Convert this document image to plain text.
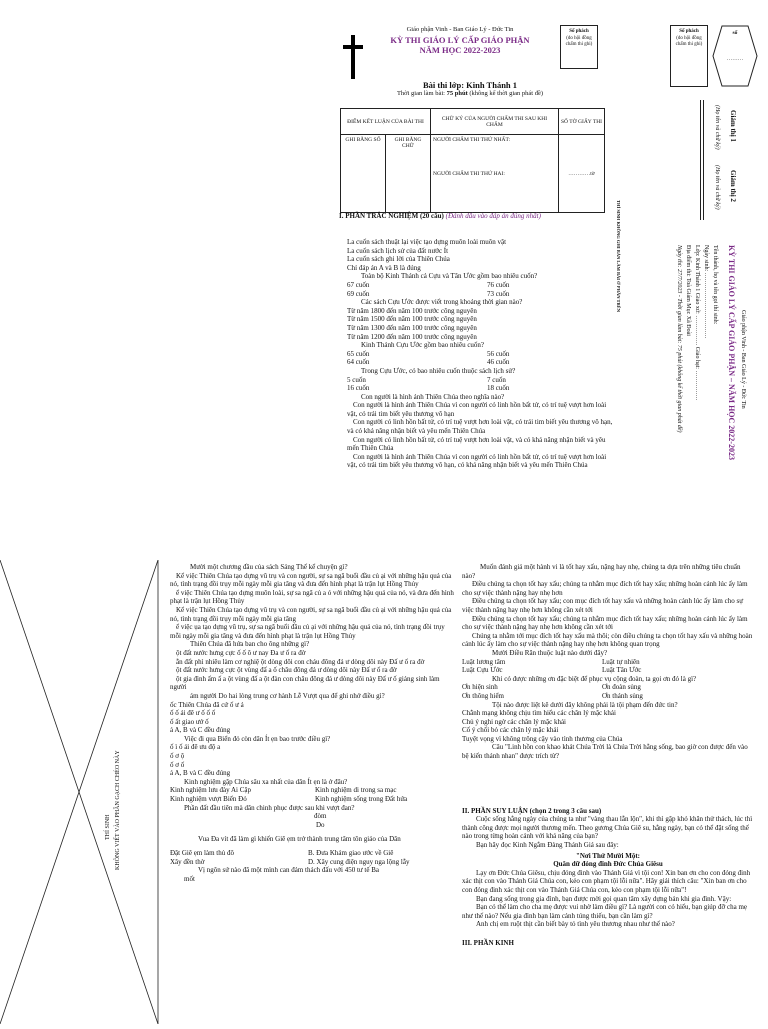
Giáo phận Vinh - Ban Giáo Lý - Đức Tin
KỲ THI GIÁO LÝ CẤP GIÁO PHẬN
NĂM HỌC 2022-2023
Số phách
(do hội đồng chấm thi ghi)
Bài thi lớp: Kinh Thánh 1
Thời gian làm bài: 75 phút (không kể thời gian phát đề)
ĐIỂM KẾT LUẬN CỦA BÀI THI		CHỮ KÝ CỦA NGƯỜI CHẤM THI SAU KHI CHẤM	SỐ TỜ GIẤY THI
GHI BẰNG SỐ	GHI BẰNG CHỮ	NGƯỜI CHẤM THI THỨ NHẤT:
NGƯỜI CHẤM THI THỨ HAI:	…………tờ
I. PHẦN TRẮC NGHIỆM (20 câu) (Đánh dấu vào đáp án đúng nhất)	THÍ SINH KHÔNG GHI BẢN LÀM BÀI Ở PHẦN TRÊN

La cuốn sách thuật lại việc tạo dựng muôn loài muôn vật

La cuốn sách lịch sử của đất nước Ít

La cuốn sách ghi lời của Thiên Chúa

Chỉ đáp án A và B là đúng

Toàn bộ Kinh Thánh cả Cựu và Tân Ước gồm bao nhiêu cuốn?

67 cuốn	76 cuốn
69 cuốn	73 cuốn

Các sách Cựu Ước được viết trong khoảng thời gian nào?

Từ năm 1800 đến năm 100 trước công nguyên

Từ năm 1500 đến năm 100 trước công nguyên

Từ năm 1300 đến năm 100 trước công nguyên

Từ năm 1200 đến năm 100 trước công nguyên

Kinh Thánh Cựu Ước gồm bao nhiêu cuốn?

65 cuốn	56 cuốn
64 cuốn	46 cuốn

Trong Cựu Ước, có bao nhiêu cuốn thuộc sách lịch sử?

5 cuốn	7 cuốn
16 cuốn	18 cuốn

Con người là hình ảnh Thiên Chúa theo nghĩa nào?

Con người là hình ảnh Thiên Chúa vì con người có linh hồn bất tử, có trí tuệ vượt hơn loài vật, có trái tim biết yêu thương vô hạn

Con người có linh hồn bất tử, có trí tuệ vượt hơn loài vật, có trái tim biết yêu thương vô hạn, và có khả năng nhận biết và yêu mến Thiên Chúa

Con người có linh hồn bất tử, có trí tuệ vượt hơn loài vật, và có khả năng nhận biết và yêu mến Thiên Chúa

Con người là hình ảnh Thiên Chúa vì con người có linh hồn bất tử, có trí tuệ vượt hơn loài vật, có trái tim biết yêu thương vô hạn, có khả năng nhận biết và yêu mến Thiên Chúa

Số phách
(do hội đồng chấm thi ghi)
số
………
Giám thị 1
(Họ tên và chữ ký)
Giám thị 2
(Họ tên và chữ ký)
Giáo phận Vinh - Ban Giáo Lý - Đức Tin
KỲ THI GIÁO LÝ CẤP GIÁO PHẬN – NĂM HỌC 2022-2023
Tên thánh, họ và tên gọi thí sinh:
Ngày sinh: ……………………………
Lớp: Kinh Thánh 1 Giáo xứ: …………… Giáo hạt: ……………
Địa điểm thi: Toà Giám Mục Xã Đoài
Ngày thi: 27/7/2023 - Thời gian làm bài: 75 phút (không kể thời gian phát đề)
THÍ SINH KHÔNG VIẾT VÀO PHẦN GẠCH CHÉO NÀY

Mười một chương đầu của sách Sáng Thế kể chuyện gì?

Kể việc Thiên Chúa tạo dựng vũ trụ và con người, sự sa ngã buổi đầu củ ại với những hậu quả của nó, tình trạng đồi trụy mỗi ngày mỗi gia tăng và đưa đến hình phạt là trận lụt Hồng Thủy

ể việc Thiên Chúa tạo dựng muôn loài, sự sa ngã củ a ó với những hậu quả của nó, và đưa đến hình phạt là trận lụt Hồng Thủy

Kể việc Thiên Chúa tạo dựng vũ trụ và con người, sự sa ngã buổi đầu củ ại với những hậu quả của nó, tình trạng đồi trụy mỗi ngày mỗi gia tăng

ể việc ụa tạo dựng vũ trụ, sự sa ngã buổi đầu củ ại với những hậu quả của nó, tình trạng đồi trụy mỗi ngày mỗi gia tăng và đưa đến hình phạt là trận lụt Hồng Thủy

Thiên Chúa đã hứa ban cho ông những gì?

ột đất nước hưng cực ố ố ô ư nay Đa ư ố ra đờ

ẫn đất phì nhiêu làm cơ nghiệ ột dòng dõi con cháu đông đả ư dòng dõi này Đấ ư ố ra đờ

ột đất nước hưng cực ột vùng đấ a ố châu đông đả ư dòng dõi này Đấ ư ố ra đờ

ột gia đình ấm ấ a ột vùng đấ a ột đàn con châu đông đả ư dòng dõi này Đấ ư ố giảng sinh làm người

ám người Do hai lòng trung cơ hành Lễ Vượt qua để ghi nhớ điều gì?

ốc Thiên Chúa đã cứ ố ư ả

ố ố ải đẽ ư ố ố ố

ố ất giao ướ ố

ả A, B và C đều đúng

Việc đi qua Biển đỏ còn dân Ít ẹn bao trước điều gì?

ố ì ố ải đẽ ưu độ a

ố ơ ộ

ố ơ ố

ả A, B và C đều đúng

Kinh nghiệm gặp Chúa sâu xa nhất của dân Ít ẹn là ở đâu?

Kinh nghiệm lưu đày Ai Cập	Kinh nghiệm di trong sa mạc
Kinh nghiệm vượt Biển Đỏ	Kinh nghiệm sống trong Đất hứa

Phần đất đầu tiên mà dân chinh phục được sau khi vượt đan?

đòm

Do

Vua Đa vít đã làm gì khiến Giê ẹm trở thành trung tâm tôn giáo của Dân

Đặt Giê ẹm làm thủ đô	B. Đưa Khám giao ước về Giê
Xây đền thờ	D. Xây cung điện nguy nga lộng lẫy

Vị ngôn sứ nào đã một mình can đảm thách đấu với 450 tư tế Ba

mốt

Muốn đánh giá một hành vi là tốt hay xấu, nặng hay nhẹ, chúng ta dựa trên những tiêu chuẩn nào?

Điều chúng ta chọn tốt hay xấu; chúng ta nhằm mục đích tốt hay xấu; những hoàn cảnh lúc ấy làm cho sự việc thành nặng hay nhẹ hơn

Điều chúng ta chọn tốt hay xấu; con mục đích tốt hay xấu và những hoàn cảnh lúc ấy làm cho sự việc thành nặng hay nhẹ hơn không cần xét tới

Điều chúng ta chọn tốt hay xấu; chúng ta nhằm mục đích tốt hay xấu; những hoàn cảnh lúc ấy làm cho sự việc thành nặng hay nhẹ hơn không cần xét tới

Chúng ta nhằm tới mục đích tốt hay xấu mà thôi; còn điều chúng ta chọn tốt hay xấu và những hoàn cảnh lúc ấy làm cho sự việc thành nặng hay nhẹ hơn không quan trọng

Mười Điều Răn thuộc luật nào dưới đây?

Luật lương tâm	Luật tự nhiên
Luật Cựu Ước	Luật Tân Ước

Khi có được những ơn đặc biệt để phục vụ cộng đoàn, ta gọi ơn đó là gì?

Ơn hiện sinh	Ơn đoàn sủng
Ơn thông hiểm	Ơn thánh sủng

Tội nào được liệt kê dưới đây không phải là tội phạm đến đức tin?

Chẳnh mạng không chịu tìm hiểu các chân lý mặc khải

Chủ ý nghi ngờ các chân lý mặc khải

Cố ý chối bỏ các chân lý mặc khải

Tuyệt vọng vì không trông cậy vào tình thương của Chúa

Câu "Linh hồn con khao khát Chúa Trời là Chúa Trời hằng sống, bao giờ con được đến vào bệ kiến thánh nhan" được trích từ?

II. PHẦN SUY LUẬN (chọn 2 trong 3 câu sau)

Cuộc sống hằng ngày của chúng ta như "vàng thau lẫn lộn", khi thì gặp khó khăn thử thách, lúc thì thành công được mọi người thương mến. Theo gương Chúa Giê su, hằng ngày, bạn có thể đặt sống thế nào trong từng hoàn cảnh với khả năng của bạn?

Bạn hãy đọc Kinh Ngắm Đàng Thánh Giá sau đây:

"Nơi Thứ Mười Một:

Quân dữ đóng đinh Đức Chúa Giêsu

Lạy ơn Đức Chúa Giêsu, chịu đóng đinh vào Thánh Giá vì tội con! Xin ban ơn cho con đóng đinh xác thịt con vào Thánh Giá Chúa con, kẻo con phạm tội lỗi nữa". Hãy giải thích câu: "Xin ban ơn cho con đóng đinh xác thịt con vào Thánh Giá Chúa con, kẻo con phạm tội lỗi nữa"!

Bạn đang sống trong gia đình, bạn được mời gọi quan tâm xây dựng bản khi gia đình. Vậy:

Bạn có thể làm cho cha mẹ được vui nhờ làm điều gì? Là người con có hiếu, bạn giúp đỡ cha mẹ như thế nào? Nếu gia đình bạn làm cảnh túng thiếu, bạn cần làm gì?

Anh chị em ruột thịt cần biết bày tỏ tình yêu thương nhau như thế nào?

III. PHẦN KINH
